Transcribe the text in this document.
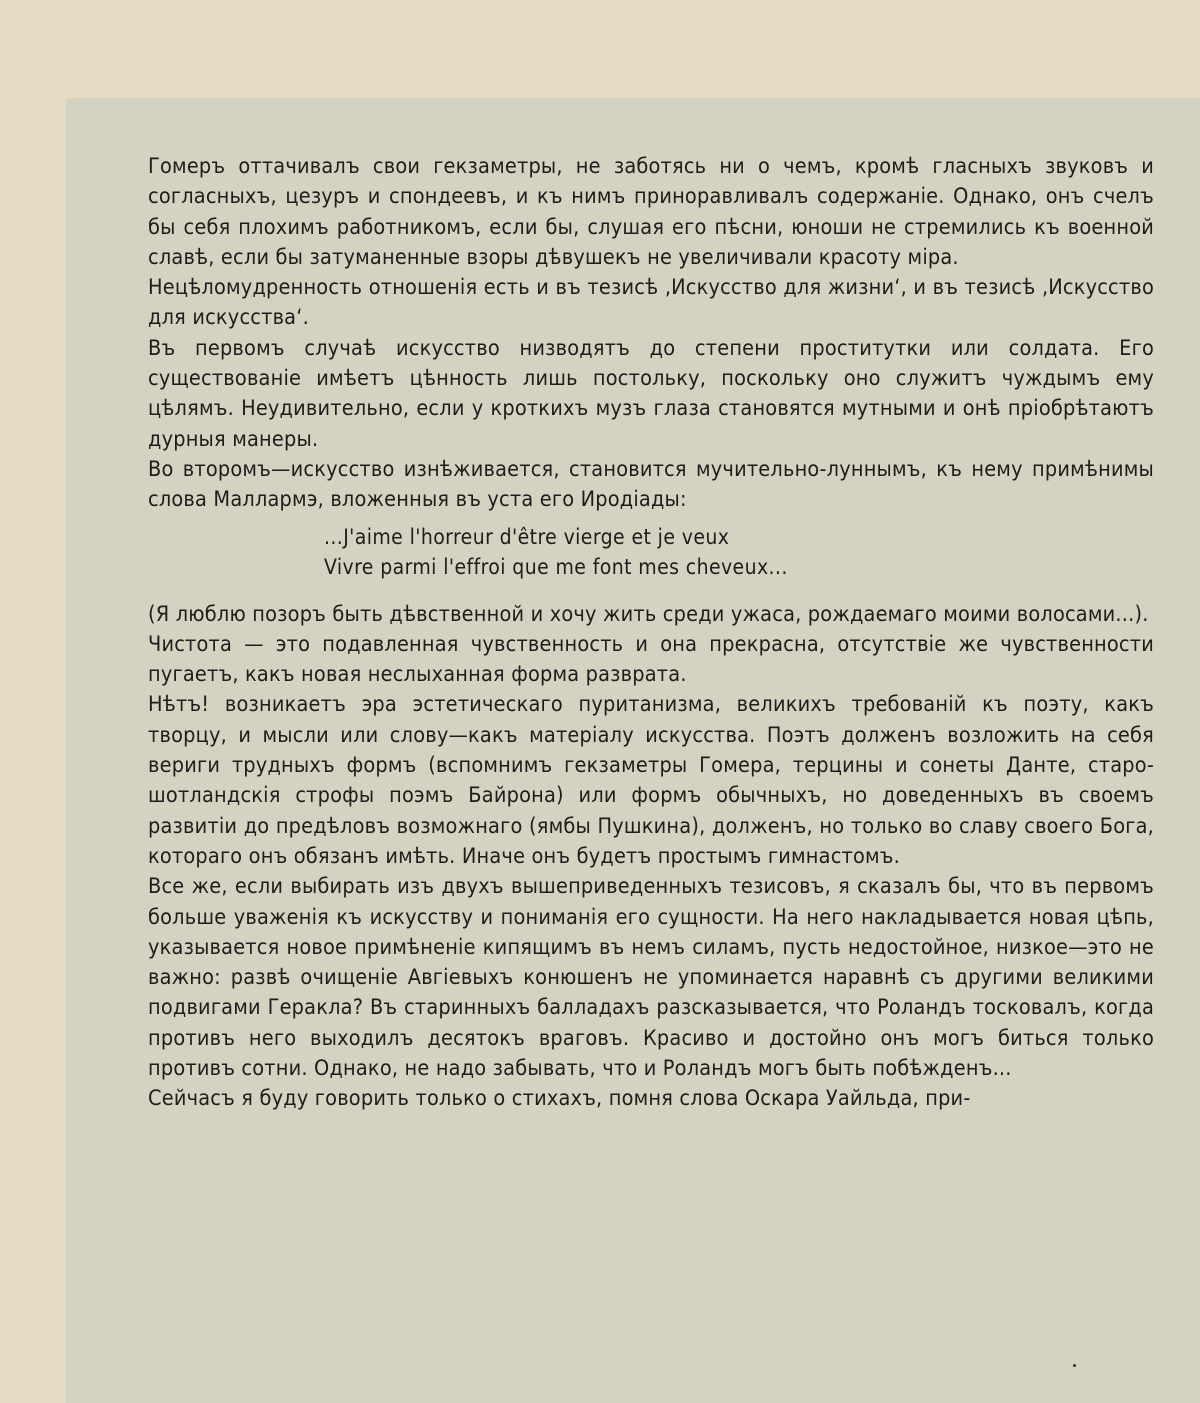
Гомеръ оттачивалъ свои гекзаметры, не заботясь ни о чемъ, кромѣ гласныхъ звуковъ и согласныхъ, цезуръ и спондеевъ, и къ нимъ приноравливалъ содержаніе. Однако, онъ счелъ бы себя плохимъ работникомъ, если бы, слушая его пѣсни, юноши не стремились къ военной славѣ, если бы затуманенные взоры дѣвушекъ не увеличивали красоту міра.

Нецѣломудренность отношенія есть и въ тезисѣ ‚Искусство для жизни‘, и въ тезисѣ ‚Искусство для искусства‘.

Въ первомъ случаѣ искусство низводятъ до степени проститутки или солдата. Его существованіе имѣетъ цѣнность лишь постольку, поскольку оно служитъ чуждымъ ему цѣлямъ. Неудивительно, если у кроткихъ музъ глаза становятся мутными и онѣ пріобрѣтаютъ дурныя манеры.

Во второмъ—искусство изнѣживается, становится мучительно-луннымъ, къ нему примѣнимы слова Маллармэ, вложенныя въ уста его Иродіады:

...J'aime l'horreur d'être vierge et je veux
Vivre parmi l'effroi que me font mes cheveux...

(Я люблю позоръ быть дѣвственной и хочу жить среди ужаса, рождаемаго моими волосами...).

Чистота — это подавленная чувственность и она прекрасна, отсутствіе же чувственности пугаетъ, какъ новая неслыханная форма разврата.

Нѣтъ! возникаетъ эра эстетическаго пуританизма, великихъ требованій къ поэту, какъ творцу, и мысли или слову—какъ матеріалу искусства. Поэтъ долженъ возложить на себя вериги трудныхъ формъ (вспомнимъ гекзаметры Гомера, терцины и сонеты Данте, старо-шотландскія строфы поэмъ Байрона) или формъ обычныхъ, но доведенныхъ въ своемъ развитіи до предѣловъ возможнаго (ямбы Пушкина), долженъ, но только во славу своего Бога, котораго онъ обязанъ имѣть. Иначе онъ будетъ простымъ гимнастомъ.

Все же, если выбирать изъ двухъ вышеприведенныхъ тезисовъ, я сказалъ бы, что въ первомъ больше уваженія къ искусству и пониманія его сущности. На него накладывается новая цѣпь, указывается новое примѣненіе кипящимъ въ немъ силамъ, пусть недостойное, низкое—это не важно: развѣ очищеніе Авгіевыхъ конюшенъ не упоминается наравнѣ съ другими великими подвигами Геракла? Въ старинныхъ балладахъ разсказывается, что Роландъ тосковалъ, когда противъ него выходилъ десятокъ враговъ. Красиво и достойно онъ могъ биться только противъ сотни. Однако, не надо забывать, что и Роландъ могъ быть побѣжденъ...

Сейчасъ я буду говорить только о стихахъ, помня слова Оскара Уайльда, при-
